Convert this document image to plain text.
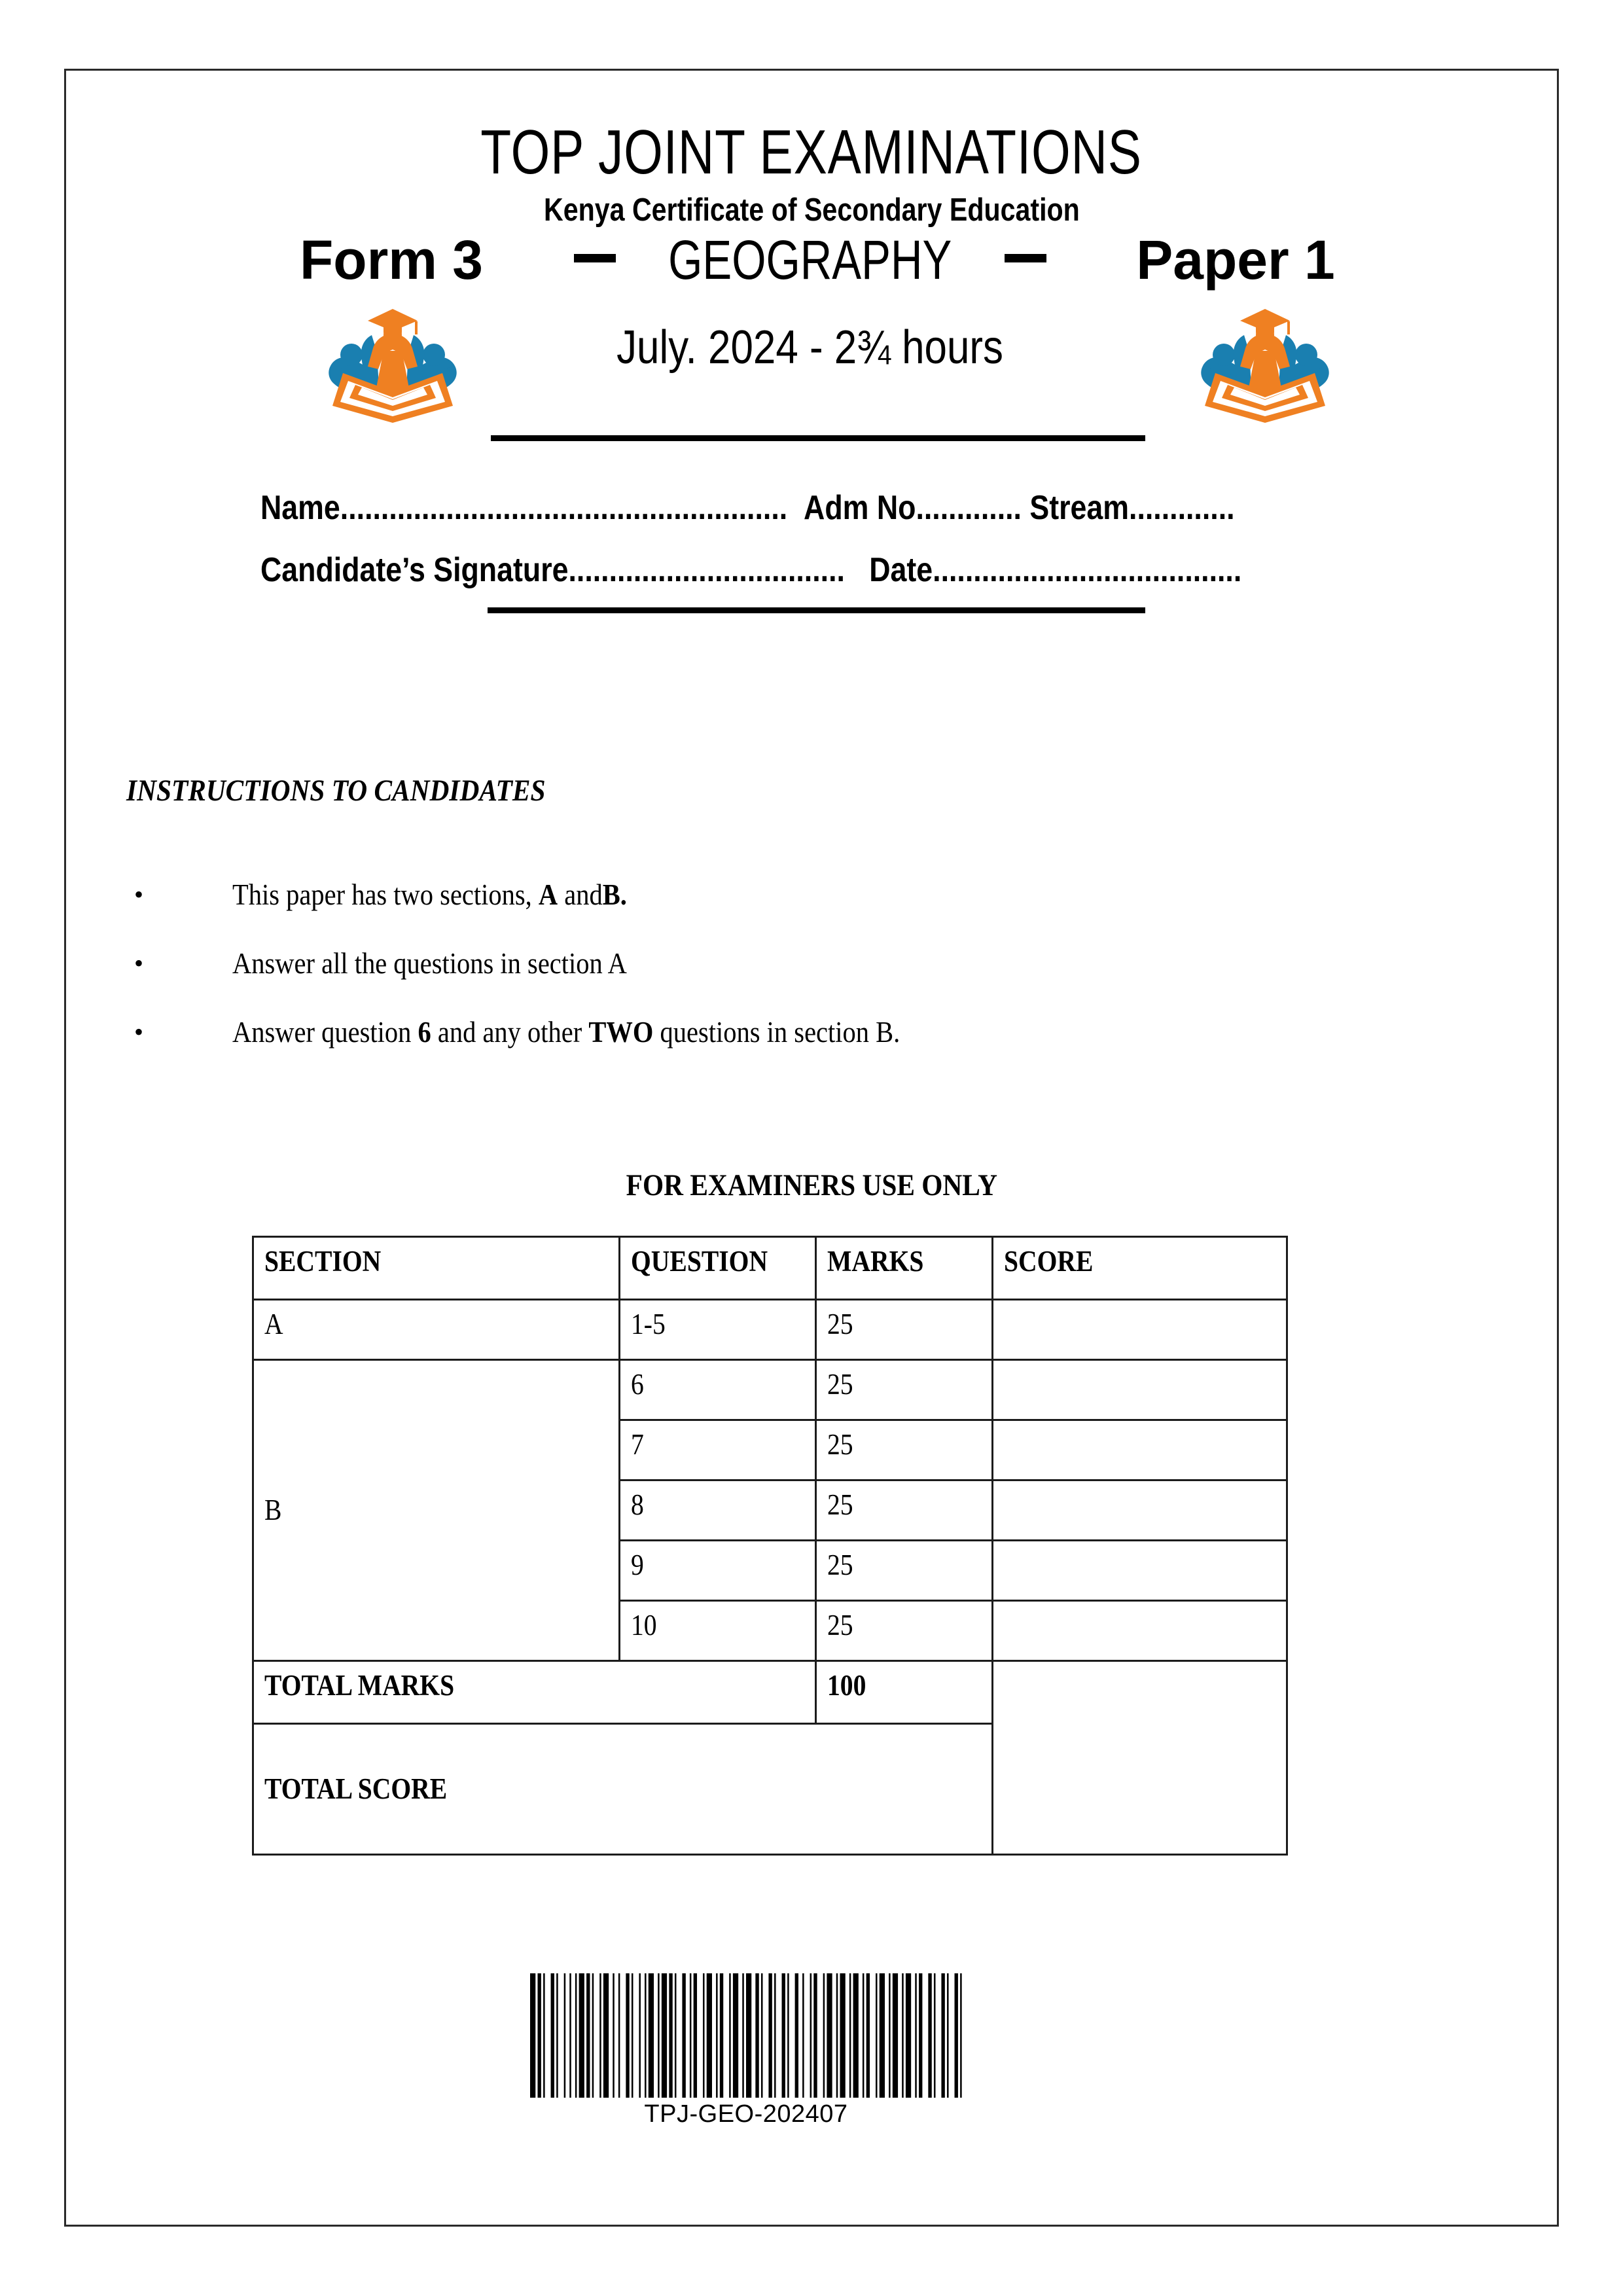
TOP JOINT EXAMINATIONS
Kenya Certificate of Secondary Education
Form 3	Paper 1
GEOGRAPHY
July. 2024 - 2¾ hours
Name....................................................... Adm No............. Stream.............
Candidate’s Signature.................................. Date......................................
INSTRUCTIONS TO CANDIDATES
•	This paper has two sections, A andB.
•	Answer all the questions in section A
•	Answer question 6 and any other TWO questions in section B.
FOR EXAMINERS USE ONLY
SECTION	QUESTION	MARKS	SCORE
A	1-5	25	
B	6	25	
	7	25	
	8	25	
	9	25	
	10	25	
TOTAL MARKS		100	
TOTAL SCORE			
TPJ-GEO-202407
